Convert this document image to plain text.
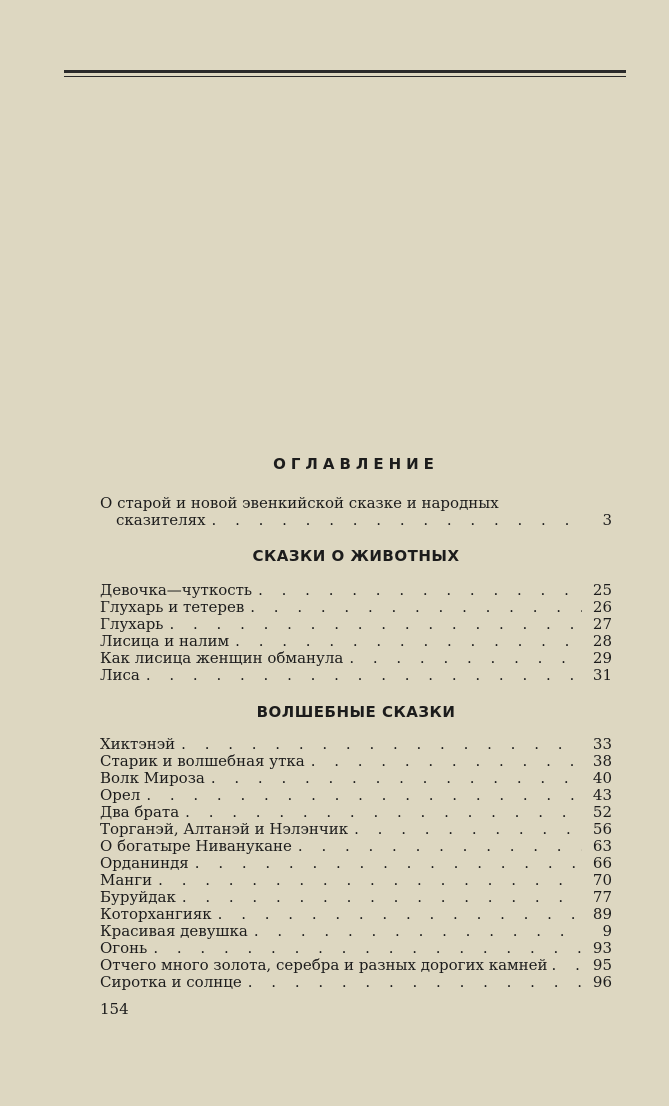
ОГЛАВЛЕНИЕ
О старой и новой эвенкийской сказке и народных
сказителях . . .	3
СКАЗКИ О ЖИВОТНЫХ
Девочка—чуткость . . .	25
Глухарь и тетерев . . .	26
Глухарь . . .	27
Лисица и налим . . .	28
Как лисица женщин обманула . . .	29
Лиса . . .	31
ВОЛШЕБНЫЕ СКАЗКИ
Хиктэнэй . . .	33
Старик и волшебная утка . . .	38
Волк Мироза . . .	40
Орел . . .	43
Два брата . . .	52
Торганэй, Алтанэй и Нэлэнчик . . .	56
О богатыре Нивануканe . . .	63
Орданиндя . . .	66
Манги . . .	70
Буруйдак . . .	77
Которхангияк . . .	89
Красивая девушка . . .	9
Огонь . . .	93
Отчего много золота, серебра и разных дорогих камней . . .	95
Сиротка и солнце . . .	96
154
